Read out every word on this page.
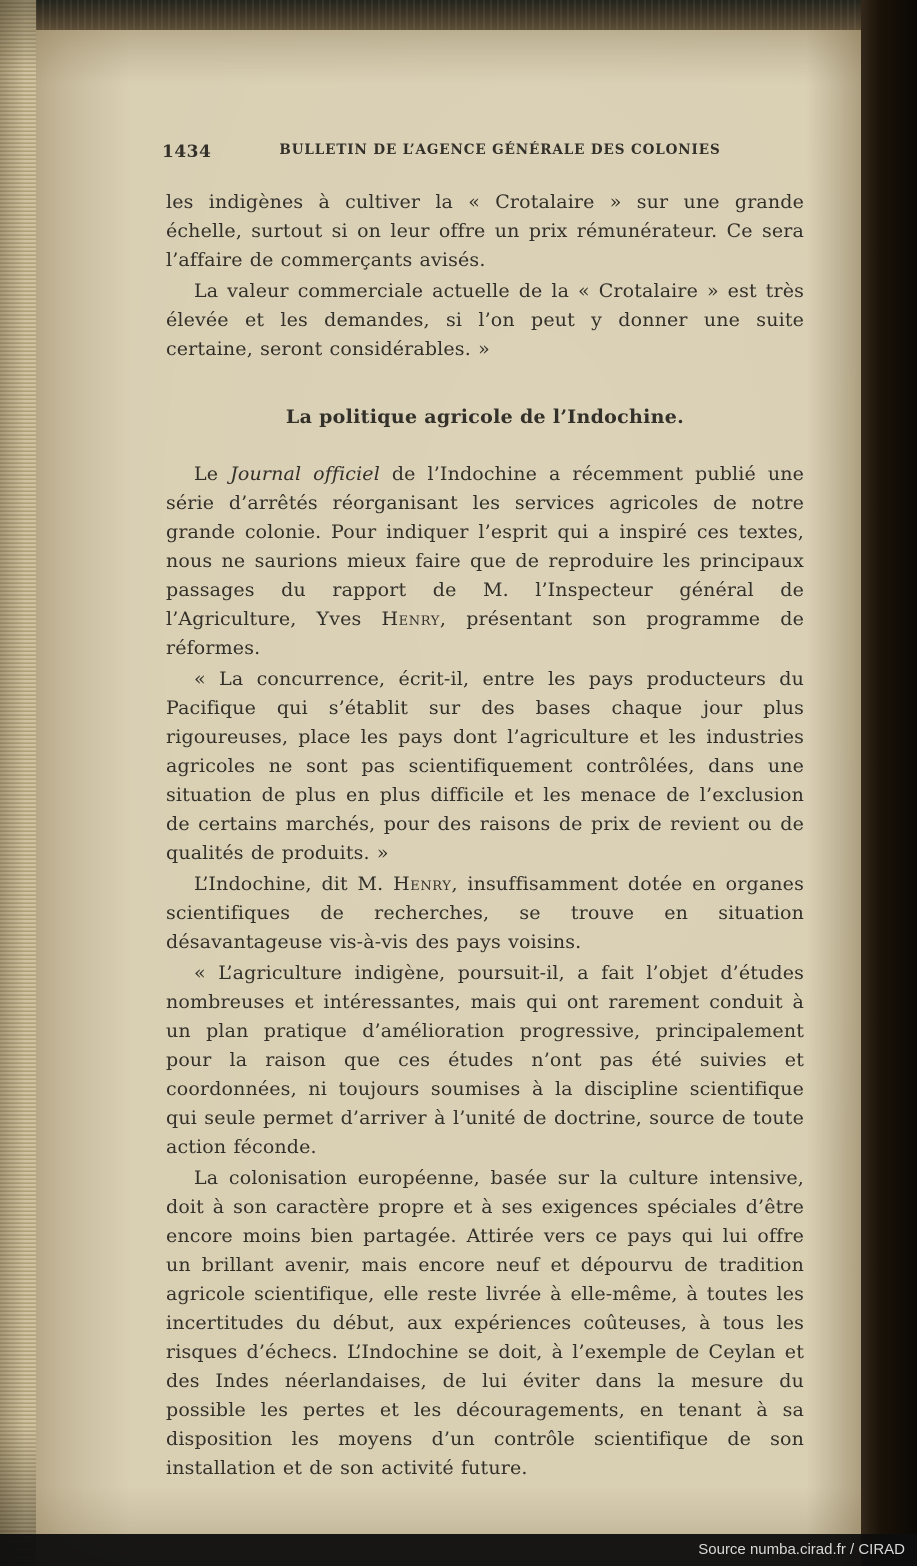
1434	BULLETIN DE L’AGENCE GÉNÉRALE DES COLONIES

les indigènes à cultiver la « Crotalaire » sur une grande échelle, surtout si on leur offre un prix rémunérateur. Ce sera l’affaire de commerçants avisés.

La valeur commerciale actuelle de la « Crotalaire » est très élevée et les demandes, si l’on peut y donner une suite certaine, seront considérables. »

La politique agricole de l’Indochine.

Le Journal officiel de l’Indochine a récemment publié une série d’arrêtés réorganisant les services agricoles de notre grande colonie. Pour indiquer l’esprit qui a inspiré ces textes, nous ne saurions mieux faire que de reproduire les principaux passages du rapport de M. l’Inspecteur général de l’Agriculture, Yves Henry, présentant son programme de réformes.

« La concurrence, écrit-il, entre les pays producteurs du Pacifique qui s’établit sur des bases chaque jour plus rigoureuses, place les pays dont l’agriculture et les industries agricoles ne sont pas scientifiquement contrôlées, dans une situation de plus en plus difficile et les menace de l’exclusion de certains marchés, pour des raisons de prix de revient ou de qualités de produits. »

L’Indochine, dit M. Henry, insuffisamment dotée en organes scientifiques de recherches, se trouve en situation désavantageuse vis-à-vis des pays voisins.

« L’agriculture indigène, poursuit-il, a fait l’objet d’études nombreuses et intéressantes, mais qui ont rarement conduit à un plan pratique d’amélioration progressive, principalement pour la raison que ces études n’ont pas été suivies et coordonnées, ni toujours soumises à la discipline scientifique qui seule permet d’arriver à l’unité de doctrine, source de toute action féconde.

La colonisation européenne, basée sur la culture intensive, doit à son caractère propre et à ses exigences spéciales d’être encore moins bien partagée. Attirée vers ce pays qui lui offre un brillant avenir, mais encore neuf et dépourvu de tradition agricole scientifique, elle reste livrée à elle-même, à toutes les incertitudes du début, aux expériences coûteuses, à tous les risques d’échecs. L’Indochine se doit, à l’exemple de Ceylan et des Indes néerlandaises, de lui éviter dans la mesure du possible les pertes et les découragements, en tenant à sa disposition les moyens d’un contrôle scientifique de son installation et de son activité future.

Source numba.cirad.fr / CIRAD
